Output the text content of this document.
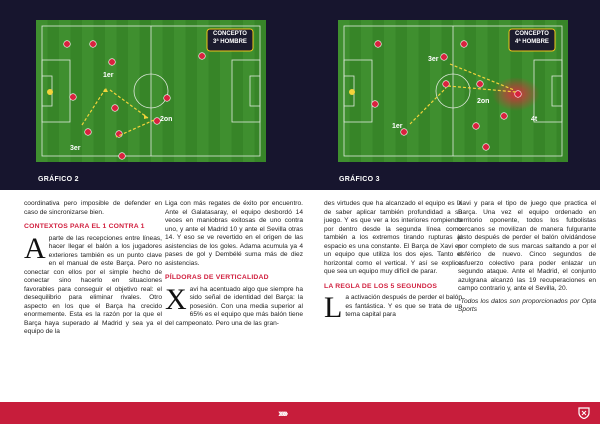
CONCEPTO
3ª HOMBRE
1er
2on
3er
GRÁFICO 2
CONCEPTO
4ª HOMBRE
3er
2on
1er
4t
GRÁFICO 3

coordinativa pero imposible de defender en caso de sincronizarse bien.

CONTEXTOS PARA EL 1 CONTRA 1

Aparte de las recepciones entre líneas, hacer llegar el balón a los jugadores exteriores también es un punto clave en el manual de este Barça. Pero no conectar con ellos por el simple hecho de conectar sino hacerlo en situaciones favorables para conseguir el objetivo real: el desequilibrio para eliminar rivales. Otro aspecto en los que el Barça ha crecido enormemente. Esta es la razón por la que el Barça haya superado al Madrid y sea ya el equipo de la

Liga con más regates de éxito por encuentro. Ante el Galatasaray, el equipo desbordó 14 veces en maniobras exitosas de uno contra uno, y ante el Madrid 10 y ante el Sevilla otras 14. Y eso se ve revertido en el origen de las asistencias de los goles. Adama acumula ya 4 pases de gol y Dembélé suma más de diez asistencias.

PÍLDORAS DE VERTICALIDAD

Xavi ha acentuado algo que siempre ha sido señal de identidad del Barça: la posesión. Con una media superior al 65% es el equipo que más balón tiene del campeonato. Pero una de las gran-

des virtudes que ha alcanzado el equipo es la de saber aplicar también profundidad a su juego. Y es que ver a los interiores rompiendo por dentro desde la segunda línea como también a los extremos tirando rupturas al espacio es una constante. El Barça de Xavi es un equipo que utiliza los dos ejes. Tanto el horizontal como el vertical. Y así se explica que sea un equipo muy difícil de parar.

LA REGLA DE LOS 5 SEGUNDOS

La activación después de perder el balón es fantástica. Y es que se trata de un tema capital para

Xavi y para el tipo de juego que practica el Barça. Una vez el equipo ordenado en territorio oponente, todos los futbolistas cercanos se movilizan de manera fulgurante justo después de perder el balón olvidándose por completo de sus marcas saltando a por el esférico de nuevo. Cinco segundos de esfuerzo colectivo para poder enlazar un segundo ataque. Ante el Madrid, el conjunto azulgrana alcanzó las 19 recuperaciones en campo contrario y, ante el Sevilla, 20.

*Todos los datos son proporcionados por Opta Sports

›››››
